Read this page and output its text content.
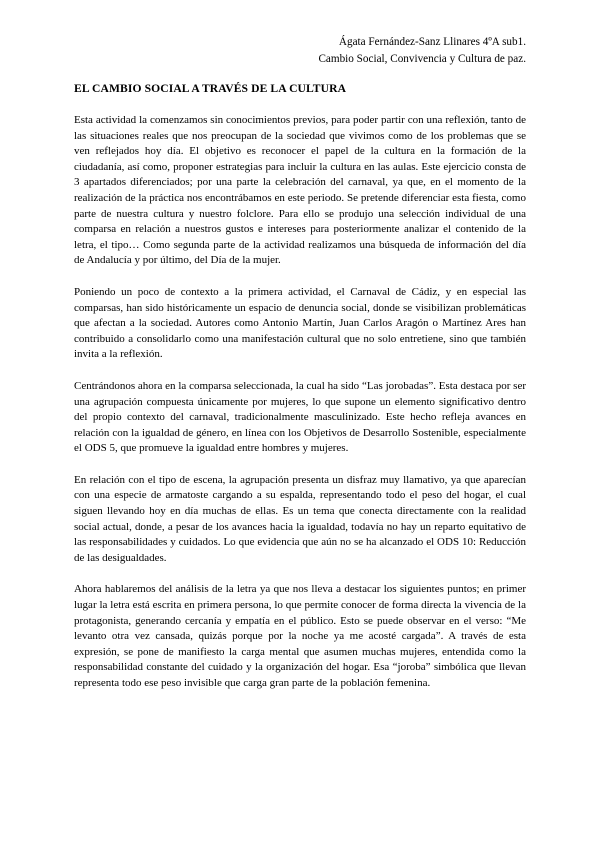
Ágata Fernández-Sanz Llinares 4ºA sub1.
Cambio Social, Convivencia y Cultura de paz.
EL CAMBIO SOCIAL A TRAVÉS DE LA CULTURA

Esta actividad la comenzamos sin conocimientos previos, para poder partir con una reflexión, tanto de las situaciones reales que nos preocupan de la sociedad que vivimos como de los problemas que se ven reflejados hoy día. El objetivo es reconocer el papel de la cultura en la formación de la ciudadanía, así como, proponer estrategias para incluir la cultura en las aulas. Este ejercicio consta de 3 apartados diferenciados; por una parte la celebración del carnaval, ya que, en el momento de la realización de la práctica nos encontrábamos en este periodo. Se pretende diferenciar esta fiesta, como parte de nuestra cultura y nuestro folclore. Para ello se produjo una selección individual de una comparsa en relación a nuestros gustos e intereses para posteriormente analizar el contenido de la letra, el tipo… Como segunda parte de la actividad realizamos una búsqueda de información del día de Andalucía y por último, del Día de la mujer.

Poniendo un poco de contexto a la primera actividad, el Carnaval de Cádiz, y en especial las comparsas, han sido históricamente un espacio de denuncia social, donde se visibilizan problemáticas que afectan a la sociedad. Autores como Antonio Martín, Juan Carlos Aragón o Martínez Ares han contribuido a consolidarlo como una manifestación cultural que no solo entretiene, sino que también invita a la reflexión.

Centrándonos ahora en la comparsa seleccionada, la cual ha sido “Las jorobadas”. Esta destaca por ser una agrupación compuesta únicamente por mujeres, lo que supone un elemento significativo dentro del propio contexto del carnaval, tradicionalmente masculinizado. Este hecho refleja avances en relación con la igualdad de género, en línea con los Objetivos de Desarrollo Sostenible, especialmente el ODS 5, que promueve la igualdad entre hombres y mujeres.

En relación con el tipo de escena, la agrupación presenta un disfraz muy llamativo, ya que aparecían con una especie de armatoste cargando a su espalda, representando todo el peso del hogar, el cual siguen llevando hoy en día muchas de ellas. Es un tema que conecta directamente con la realidad social actual, donde, a pesar de los avances hacia la igualdad, todavía no hay un reparto equitativo de las responsabilidades y cuidados. Lo que evidencia que aún no se ha alcanzado el ODS 10: Reducción de las desigualdades.

Ahora hablaremos del análisis de la letra ya que nos lleva a destacar los siguientes puntos; en primer lugar la letra está escrita en primera persona, lo que permite conocer de forma directa la vivencia de la protagonista, generando cercanía y empatía en el público. Esto se puede observar en el verso: “Me levanto otra vez cansada, quizás porque por la noche ya me acosté cargada”. A través de esta expresión, se pone de manifiesto la carga mental que asumen muchas mujeres, entendida como la responsabilidad constante del cuidado y la organización del hogar. Esa “joroba” simbólica que llevan representa todo ese peso invisible que carga gran parte de la población femenina.
